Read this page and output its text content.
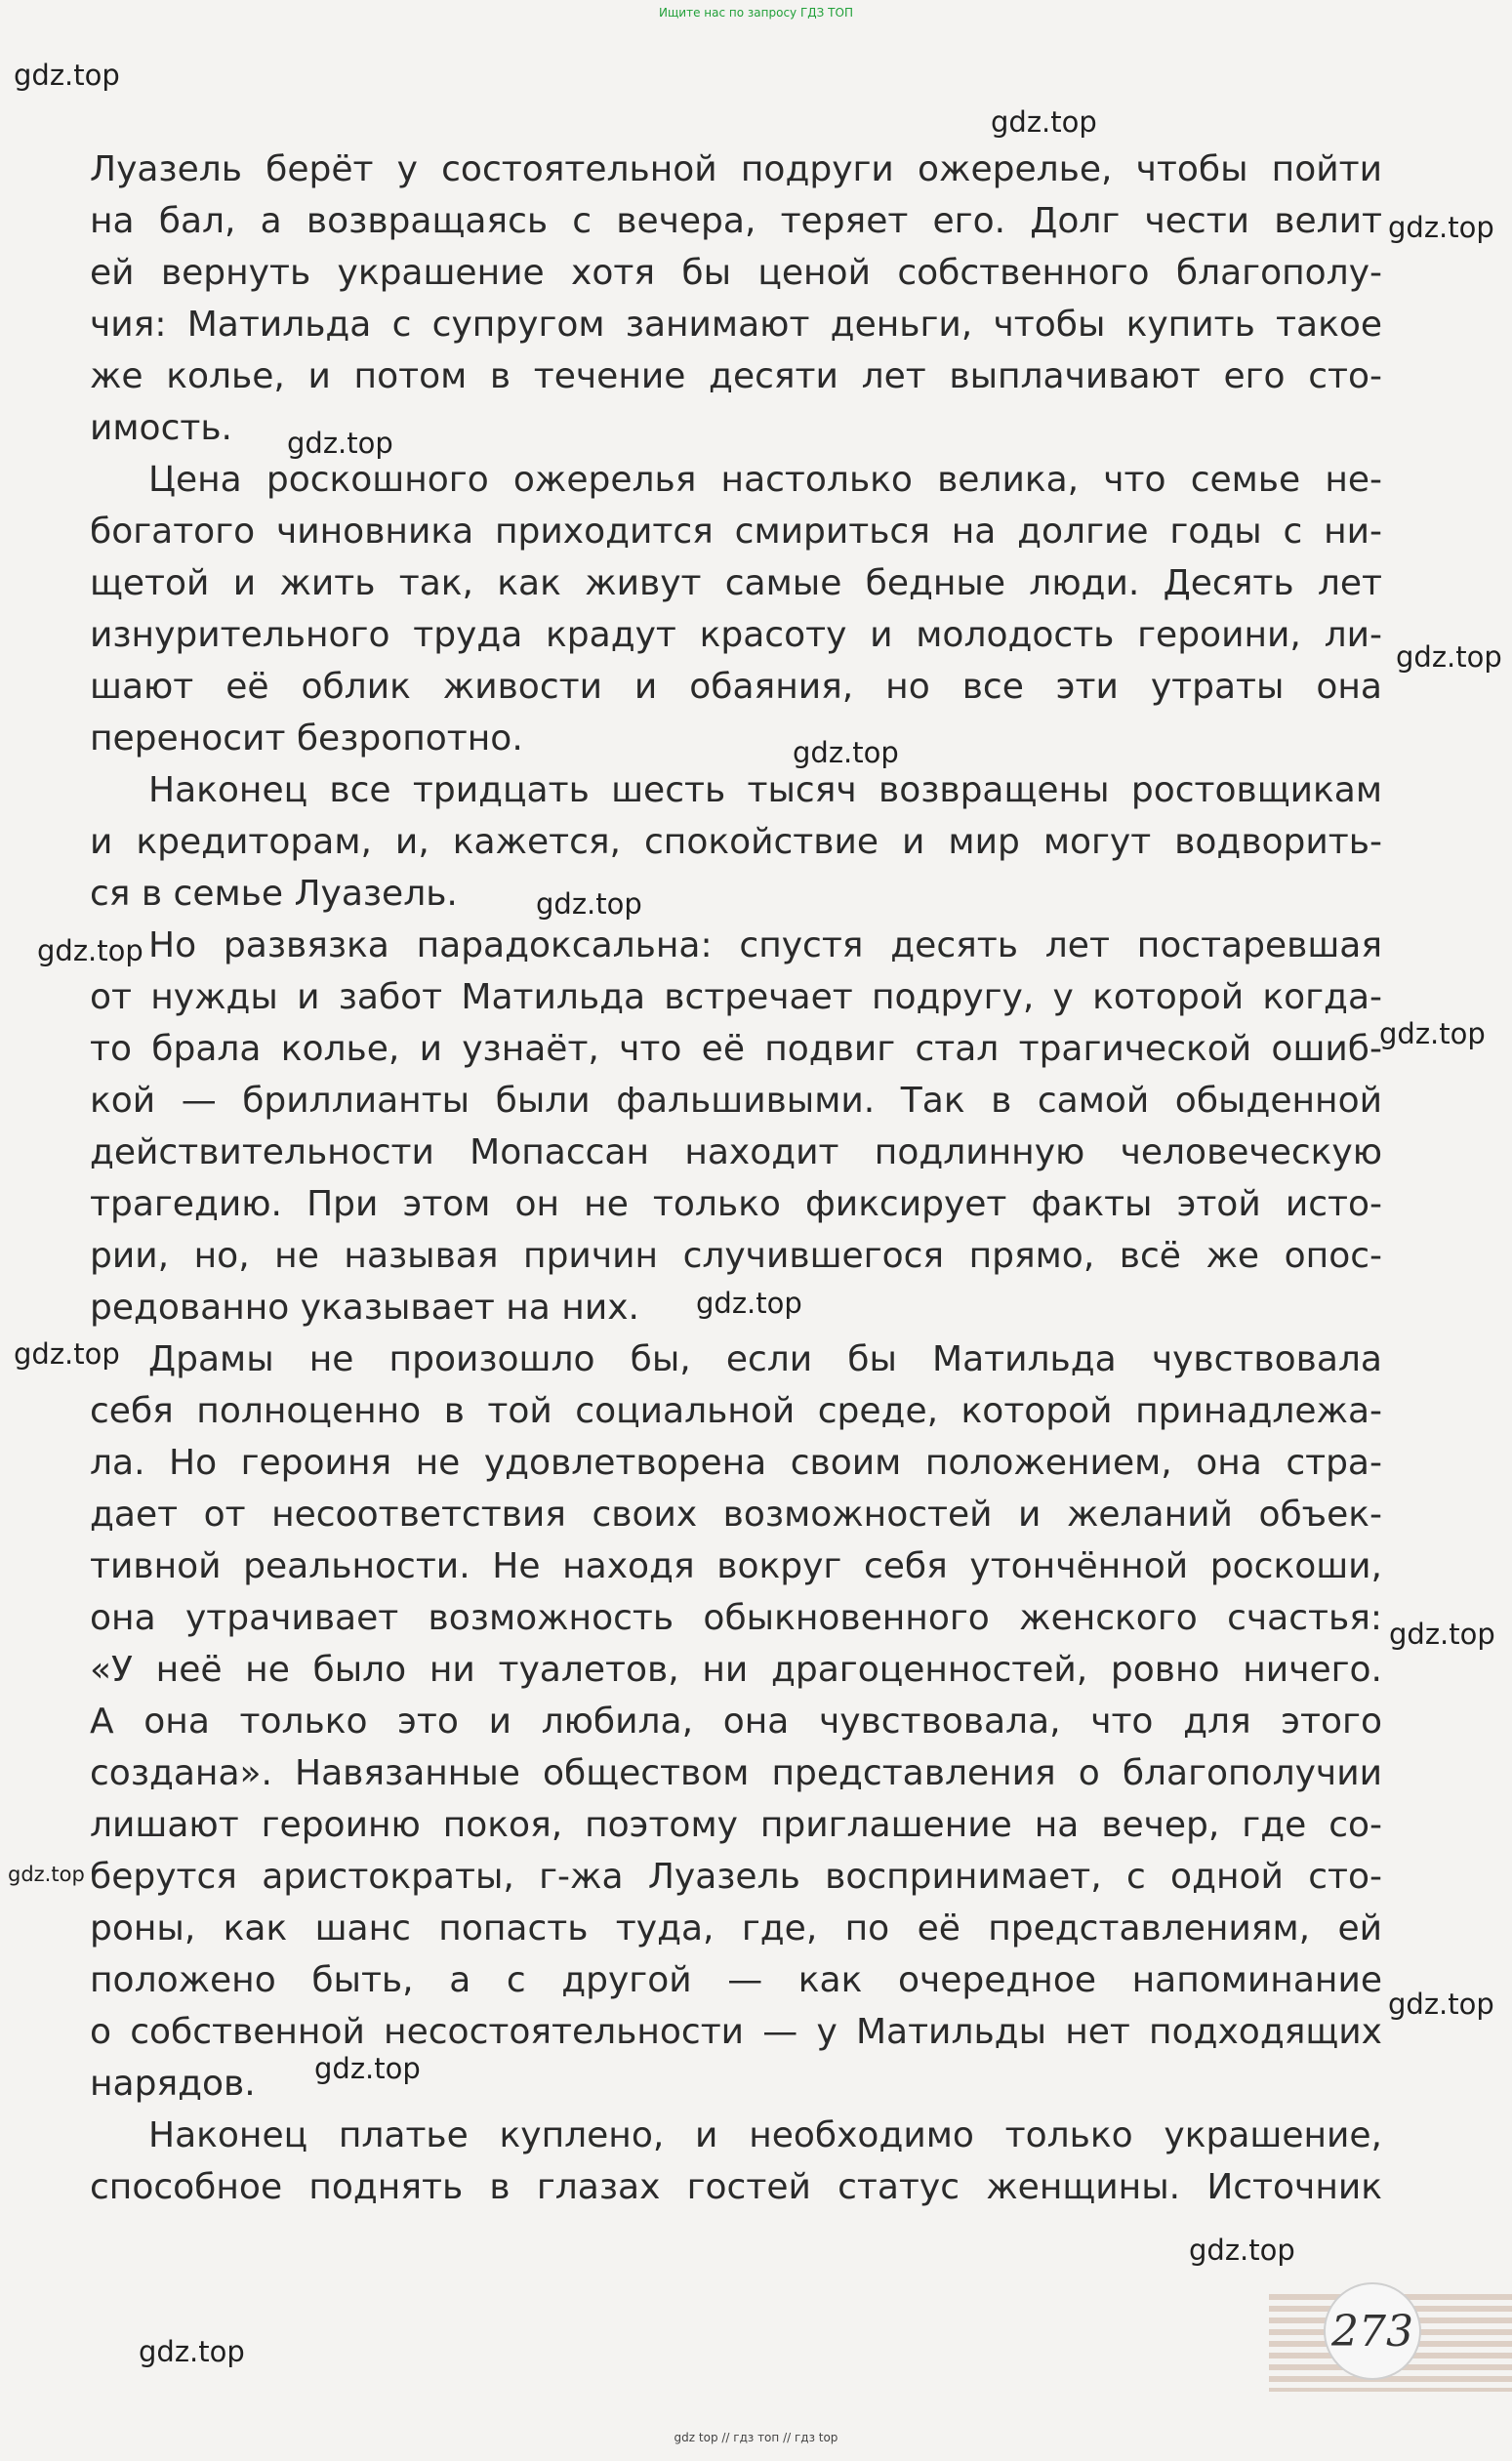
Ищите нас по запросу ГДЗ ТОП
gdz.top
gdz.top
gdz.top
gdz.top
gdz.top
gdz.top
gdz.top
gdz.top
gdz.top
gdz.top
gdz.top
gdz.top
gdz.top
gdz.top
gdz.top
gdz.top
gdz.top
Луазель берёт у состоятельной подруги ожерелье, чтобы пойти
на бал, а возвращаясь с вечера, теряет его. Долг чести велит
ей вернуть украшение хотя бы ценой собственного благополу-
чия: Матильда с супругом занимают деньги, чтобы купить такое
же колье, и потом в течение десяти лет выплачивают его сто-
имость.
Цена роскошного ожерелья настолько велика, что семье не-
богатого чиновника приходится смириться на долгие годы с ни-
щетой и жить так, как живут самые бедные люди. Десять лет
изнурительного труда крадут красоту и молодость героини, ли-
шают её облик живости и обаяния, но все эти утраты она
переносит безропотно.
Наконец все тридцать шесть тысяч возвращены ростовщикам
и кредиторам, и, кажется, спокойствие и мир могут водворить-
ся в семье Луазель.
Но развязка парадоксальна: спустя десять лет постаревшая
от нужды и забот Матильда встречает подругу, у которой когда-
то брала колье, и узнаёт, что её подвиг стал трагической ошиб-
кой — бриллианты были фальшивыми. Так в самой обыденной
действительности Мопассан находит подлинную человеческую
трагедию. При этом он не только фиксирует факты этой исто-
рии, но, не называя причин случившегося прямо, всё же опос-
редованно указывает на них.
Драмы не произошло бы, если бы Матильда чувствовала
себя полноценно в той социальной среде, которой принадлежа-
ла. Но героиня не удовлетворена своим положением, она стра-
дает от несоответствия своих возможностей и желаний объек-
тивной реальности. Не находя вокруг себя утончённой роскоши,
она утрачивает возможность обыкновенного женского счастья:
«У неё не было ни туалетов, ни драгоценностей, ровно ничего.
А она только это и любила, она чувствовала, что для этого
создана». Навязанные обществом представления о благополучии
лишают героиню покоя, поэтому приглашение на вечер, где со-
берутся аристократы, г-жа Луазель воспринимает, с одной сто-
роны, как шанс попасть туда, где, по её представлениям, ей
положено быть, а с другой — как очередное напоминание
о собственной несостоятельности — у Матильды нет подходящих
нарядов.
Наконец платье куплено, и необходимо только украшение,
способное поднять в глазах гостей статус женщины. Источник
273
gdz top // гдз топ // гдз top
